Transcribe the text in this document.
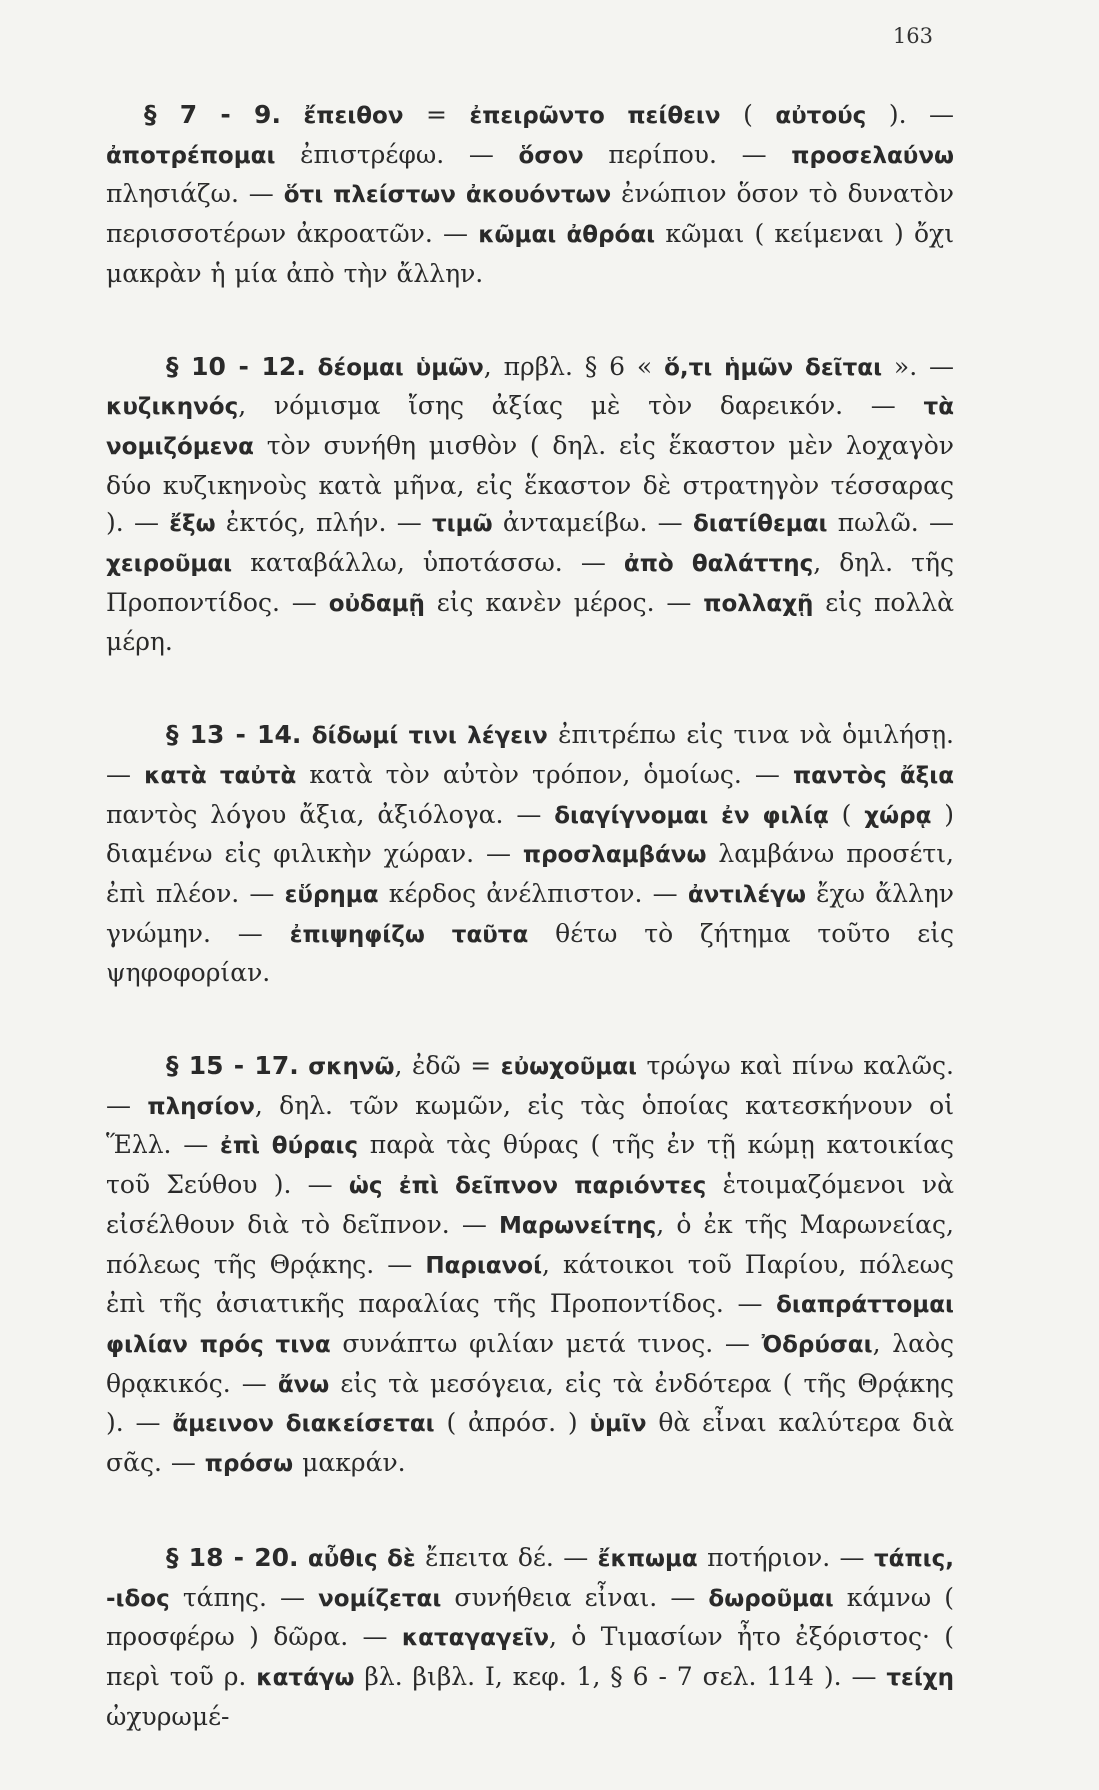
163

§ 7 - 9. ἔπειθον = ἐπειρῶντο πείθειν ( αὐτούς ). — ἀποτρέπομαι ἐπιστρέφω. — ὅσον περίπου. — προσελαύνω πλησιάζω. — ὅτι πλείστων ἀκουόντων ἐνώπιον ὅσον τὸ δυνατὸν περισσοτέρων ἀκροατῶν. — κῶμαι ἀθρόαι κῶμαι ( κείμεναι ) ὄχι μακρὰν ἡ μία ἀπὸ τὴν ἄλλην.

§ 10 - 12. δέομαι ὑμῶν, πρβλ. § 6 « ὅ,τι ἡμῶν δεῖται ». — κυζικηνός, νόμισμα ἴσης ἀξίας μὲ τὸν δαρεικόν. — τὰ νομιζόμενα τὸν συνήθη μισθὸν ( δηλ. εἰς ἕκαστον μὲν λοχαγὸν δύο κυζικηνοὺς κατὰ μῆνα, εἰς ἕκαστον δὲ στρατηγὸν τέσσαρας ). — ἔξω ἐκτός, πλήν. — τιμῶ ἀνταμείβω. — διατίθεμαι πωλῶ. — χειροῦμαι καταβάλλω, ὑποτάσσω. — ἀπὸ θαλάττης, δηλ. τῆς Προποντίδος. — οὐδαμῇ εἰς κανὲν μέρος. — πολλαχῇ εἰς πολλὰ μέρη.

§ 13 - 14. δίδωμί τινι λέγειν ἐπιτρέπω εἰς τινα νὰ ὁμιλήσῃ. — κατὰ ταὐτὰ κατὰ τὸν αὐτὸν τρόπον, ὁμοίως. — παντὸς ἄξια παντὸς λόγου ἄξια, ἀξιόλογα. — διαγίγνομαι ἐν φιλίᾳ ( χώρᾳ ) διαμένω εἰς φιλικὴν χώραν. — προσλαμβάνω λαμβάνω προσέτι, ἐπὶ πλέον. — εὕρημα κέρδος ἀνέλπιστον. — ἀντιλέγω ἔχω ἄλλην γνώμην. — ἐπιψηφίζω ταῦτα θέτω τὸ ζήτημα τοῦτο εἰς ψηφοφορίαν.

§ 15 - 17. σκηνῶ, ἐδῶ = εὐωχοῦμαι τρώγω καὶ πίνω καλῶς. — πλησίον, δηλ. τῶν κωμῶν, εἰς τὰς ὁποίας κατεσκήνουν οἱ Ἕλλ. — ἐπὶ θύραις παρὰ τὰς θύρας ( τῆς ἐν τῇ κώμῃ κατοικίας τοῦ Σεύθου ). — ὡς ἐπὶ δεῖπνον παριόντες ἑτοιμαζόμενοι νὰ εἰσέλθουν διὰ τὸ δεῖπνον. — Μαρωνείτης, ὁ ἐκ τῆς Μαρωνείας, πόλεως τῆς Θρᾴκης. — Παριανοί, κάτοικοι τοῦ Παρίου, πόλεως ἐπὶ τῆς ἀσιατικῆς παραλίας τῆς Προποντίδος. — διαπράττομαι φιλίαν πρός τινα συνάπτω φιλίαν μετά τινος. — Ὀδρύσαι, λαὸς θρᾳκικός. — ἄνω εἰς τὰ μεσόγεια, εἰς τὰ ἐνδότερα ( τῆς Θρᾴκης ). — ἄμεινον διακείσεται ( ἀπρόσ. ) ὑμῖν θὰ εἶναι καλύτερα διὰ σᾶς. — πρόσω μακράν.

§ 18 - 20. αὖθις δὲ ἔπειτα δέ. — ἔκπωμα ποτήριον. — τάπις, -ιδος τάπης. — νομίζεται συνήθεια εἶναι. — δωροῦμαι κάμνω ( προσφέρω ) δῶρα. — καταγαγεῖν, ὁ Τιμασίων ἦτο ἐξόριστος· ( περὶ τοῦ ρ. κατάγω βλ. βιβλ. Ι, κεφ. 1, § 6 - 7 σελ. 114 ). — τείχη ὠχυρωμέ-
